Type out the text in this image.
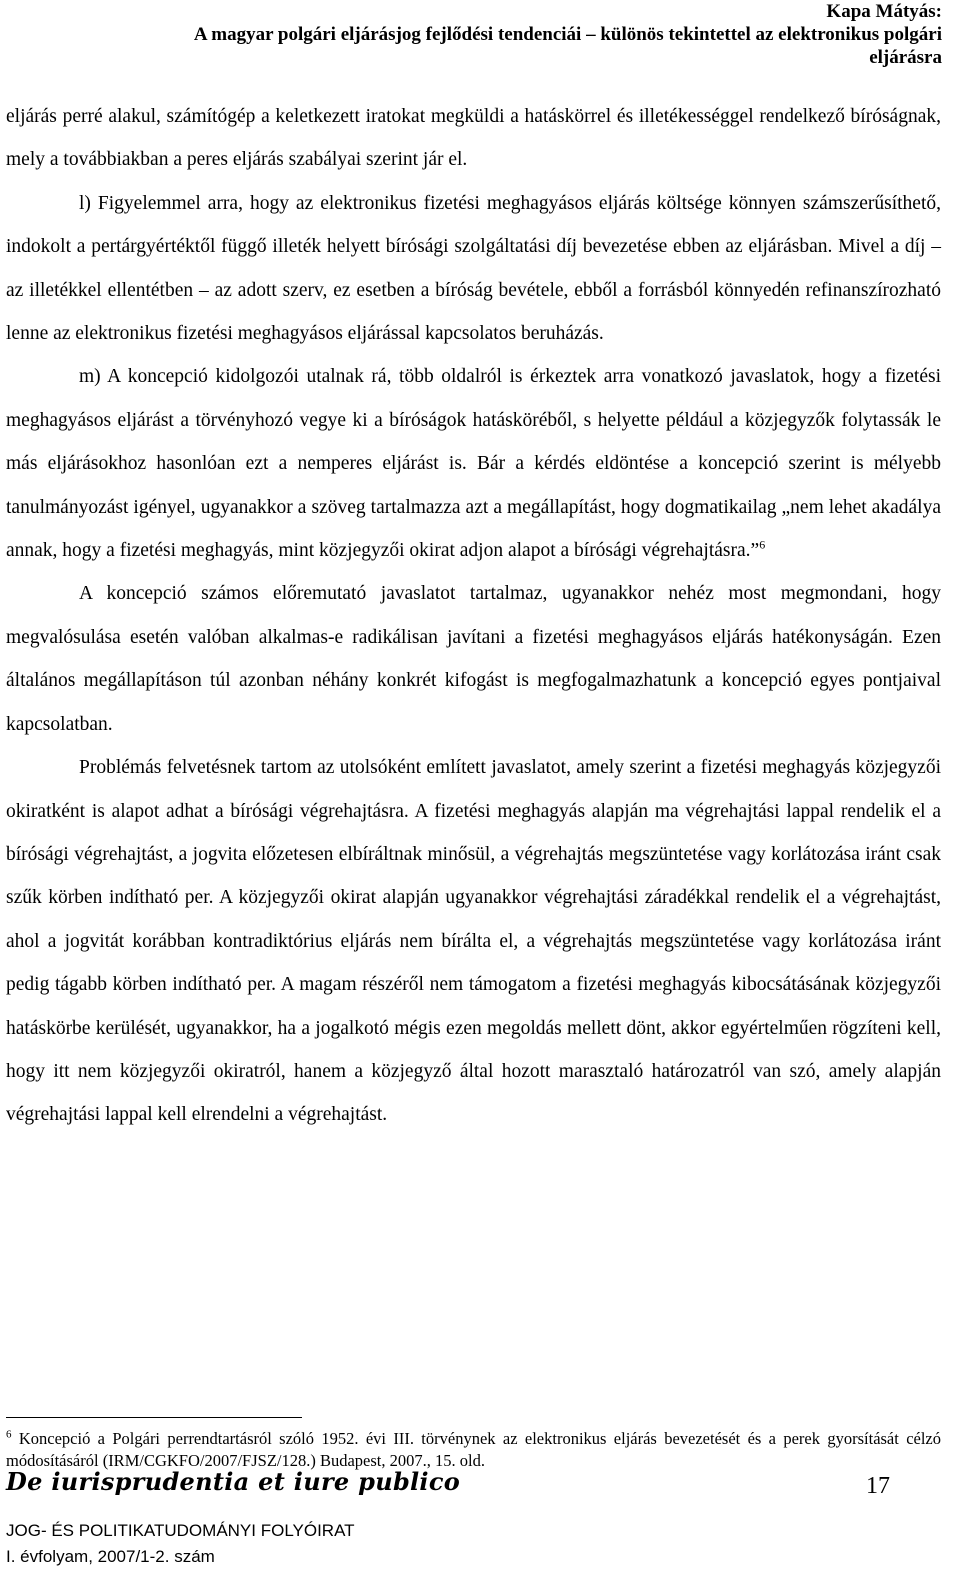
Kapa Mátyás:
A magyar polgári eljárásjog fejlődési tendenciái – különös tekintettel az elektronikus polgári
eljárásra

eljárás perré alakul, számítógép a keletkezett iratokat megküldi a hatáskörrel és illetékességgel rendelkező bíróságnak, mely a továbbiakban a peres eljárás szabályai szerint jár el.

l) Figyelemmel arra, hogy az elektronikus fizetési meghagyásos eljárás költsége könnyen számszerűsíthető, indokolt a pertárgyértéktől függő illeték helyett bírósági szolgáltatási díj bevezetése ebben az eljárásban. Mivel a díj – az illetékkel ellentétben – az adott szerv, ez esetben a bíróság bevétele, ebből a forrásból könnyedén refinanszírozható lenne az elektronikus fizetési meghagyásos eljárással kapcsolatos beruházás.

m) A koncepció kidolgozói utalnak rá, több oldalról is érkeztek arra vonatkozó javaslatok, hogy a fizetési meghagyásos eljárást a törvényhozó vegye ki a bíróságok hatásköréből, s helyette például a közjegyzők folytassák le más eljárásokhoz hasonlóan ezt a nemperes eljárást is. Bár a kérdés eldöntése a koncepció szerint is mélyebb tanulmányozást igényel, ugyanakkor a szöveg tartalmazza azt a megállapítást, hogy dogmatikailag „nem lehet akadálya annak, hogy a fizetési meghagyás, mint közjegyzői okirat adjon alapot a bírósági végrehajtásra.”$^6$

A koncepció számos előremutató javaslatot tartalmaz, ugyanakkor nehéz most megmondani, hogy megvalósulása esetén valóban alkalmas-e radikálisan javítani a fizetési meghagyásos eljárás hatékonyságán. Ezen általános megállapításon túl azonban néhány konkrét kifogást is megfogalmazhatunk a koncepció egyes pontjaival kapcsolatban.

Problémás felvetésnek tartom az utolsóként említett javaslatot, amely szerint a fizetési meghagyás közjegyzői okiratként is alapot adhat a bírósági végrehajtásra. A fizetési meghagyás alapján ma végrehajtási lappal rendelik el a bírósági végrehajtást, a jogvita előzetesen elbíráltnak minősül, a végrehajtás megszüntetése vagy korlátozása iránt csak szűk körben indítható per. A közjegyzői okirat alapján ugyanakkor végrehajtási záradékkal rendelik el a végrehajtást, ahol a jogvitát korábban kontradiktórius eljárás nem bírálta el, a végrehajtás megszüntetése vagy korlátozása iránt pedig tágabb körben indítható per. A magam részéről nem támogatom a fizetési meghagyás kibocsátásának közjegyzői hatáskörbe kerülését, ugyanakkor, ha a jogalkotó mégis ezen megoldás mellett dönt, akkor egyértelműen rögzíteni kell, hogy itt nem közjegyzői okiratról, hanem a közjegyző által hozott marasztaló határozatról van szó, amely alapján végrehajtási lappal kell elrendelni a végrehajtást.

$^6$ Koncepció a Polgári perrendtartásról szóló 1952. évi III. törvénynek az elektronikus eljárás bevezetését és a perek gyorsítását célzó módosításáról (IRM/CGKFO/2007/FJSZ/128.) Budapest, 2007., 15. old.
De iurisprudentia et iure publico	17
JOG- ÉS POLITIKATUDOMÁNYI FOLYÓIRAT
I. évfolyam, 2007/1-2. szám
